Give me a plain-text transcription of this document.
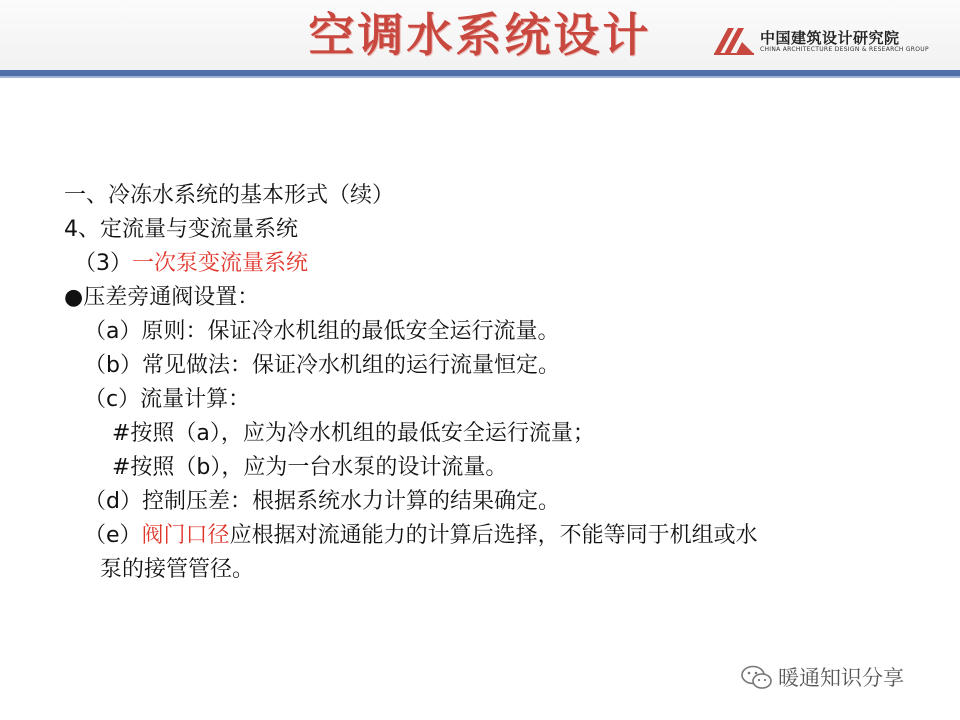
空调水系统设计	中国建筑设计研究院
CHINA ARCHITECTURE DESIGN & RESEARCH GROUP
一、冷冻水系统的基本形式（续）
4、定流量与变流量系统
（3）一次泵变流量系统
●压差旁通阀设置：
（a）原则：保证冷水机组的最低安全运行流量。
（b）常见做法：保证冷水机组的运行流量恒定。
（c）流量计算：
#按照（a），应为冷水机组的最低安全运行流量；
#按照（b），应为一台水泵的设计流量。
（d）控制压差：根据系统水力计算的结果确定。
（e）阀门口径应根据对流通能力的计算后选择，不能等同于机组或水
泵的接管管径。
暖通知识分享
